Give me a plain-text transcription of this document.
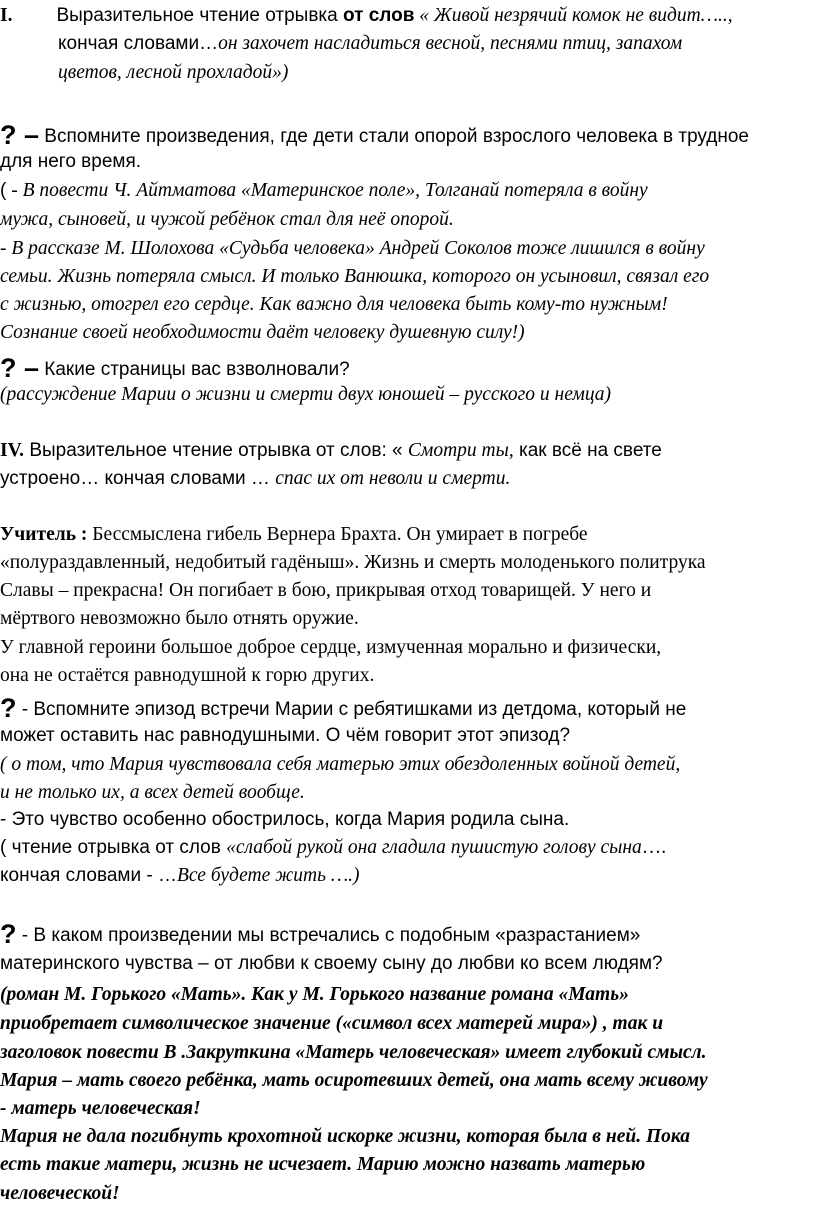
I. Выразительное чтение отрывка от слов « Живой незрячий комок не видит…..,
кончая словами…он захочет насладиться весной, песнями птиц, запахом
цветов, лесной прохладой»)
? – Вспомните произведения, где дети стали опорой взрослого человека в трудное
для него время.
( - В повести Ч. Айтматова «Материнское поле», Толганай потеряла в войну
мужа, сыновей, и чужой ребёнок стал для неё опорой.
- В рассказе М. Шолохова «Судьба человека» Андрей Соколов тоже лишился в войну
семьи. Жизнь потеряла смысл. И только Ванюшка, которого он усыновил, связал его
с жизнью, отогрел его сердце. Как важно для человека быть кому-то нужным!
Сознание своей необходимости даёт человеку душевную силу!)
? – Какие страницы вас взволновали?
(рассуждение Марии о жизни и смерти двух юношей – русского и немца)
IV. Выразительное чтение отрывка от слов: « Смотри ты, как всё на свете
устроено… кончая словами … спас их от неволи и смерти.
Учитель : Бессмыслена гибель Вернера Брахта. Он умирает в погребе
«полураздавленный, недобитый гадёныш». Жизнь и смерть молоденького политрука
Славы – прекрасна! Он погибает в бою, прикрывая отход товарищей. У него и
мёртвого невозможно было отнять оружие.
У главной героини большое доброе сердце, измученная морально и физически,
она не остаётся равнодушной к горю других.
? - Вспомните эпизод встречи Марии с ребятишками из детдома, который не
может оставить нас равнодушными. О чём говорит этот эпизод?
( о том, что Мария чувствовала себя матерью этих обездоленных войной детей,
и не только их, а всех детей вообще.
- Это чувство особенно обострилось, когда Мария родила сына.
( чтение отрывка от слов «слабой рукой она гладила пушистую голову сына….
кончая словами - …Все будете жить ….)
? - В каком произведении мы встречались с подобным «разрастанием»
материнского чувства – от любви к своему сыну до любви ко всем людям?
(роман М. Горького «Мать». Как у М. Горького название романа «Мать»
приобретает символическое значение («символ всех матерей мира») , так и
заголовок повести В .Закруткина «Матерь человеческая» имеет глубокий смысл.
Мария – мать своего ребёнка, мать осиротевших детей, она мать всему живому
- матерь человеческая!
Мария не дала погибнуть крохотной искорке жизни, которая была в ней. Пока
есть такие матери, жизнь не исчезает. Марию можно назвать матерью
человеческой!
